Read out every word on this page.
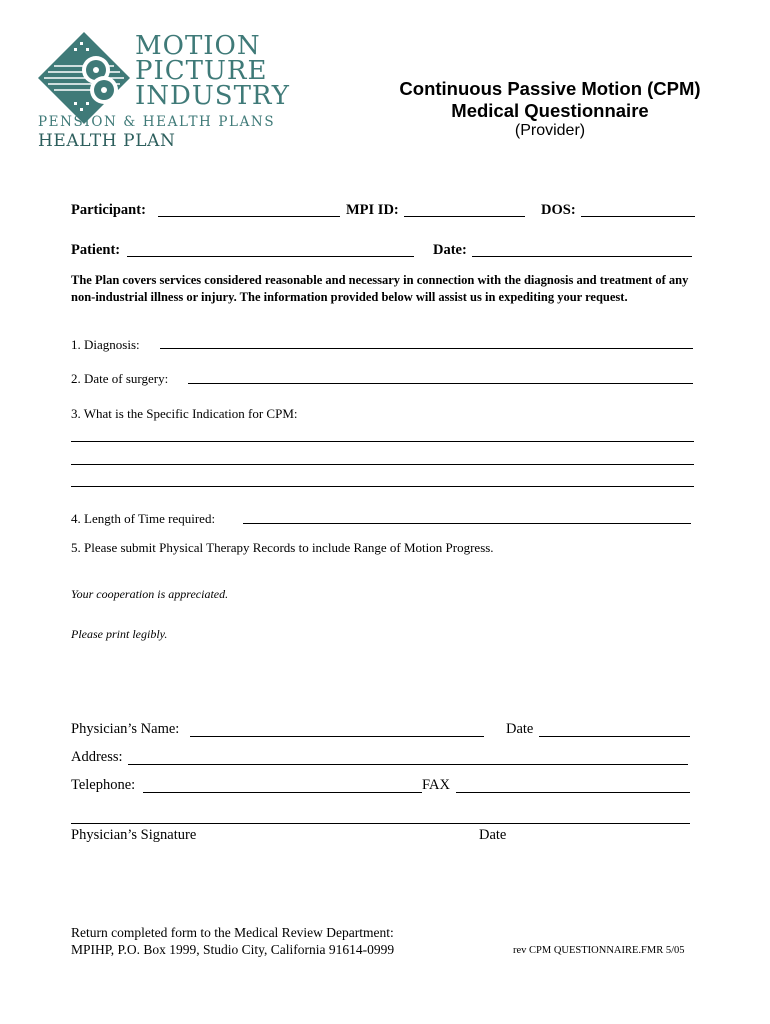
MOTION
PICTURE
INDUSTRY
PENSION & HEALTH PLANS
HEALTH PLAN
Continuous Passive Motion (CPM)
Medical Questionnaire
(Provider)
Participant:	MPI ID:	DOS:
Patient:	Date:
The Plan covers services considered reasonable and necessary in connection with the diagnosis and treatment of any non-industrial illness or injury. The information provided below will assist us in expediting your request.
1. Diagnosis:
2. Date of surgery:
3. What is the Specific Indication for CPM:
4. Length of Time required:
5. Please submit Physical Therapy Records to include Range of Motion Progress.
Your cooperation is appreciated.
Please print legibly.
Physician’s Name:	Date
Address:
Telephone:	FAX
Physician’s Signature	Date
Return completed form to the Medical Review Department:
MPIHP, P.O. Box 1999, Studio City, California 91614-0999	rev CPM QUESTIONNAIRE.FMR 5/05
